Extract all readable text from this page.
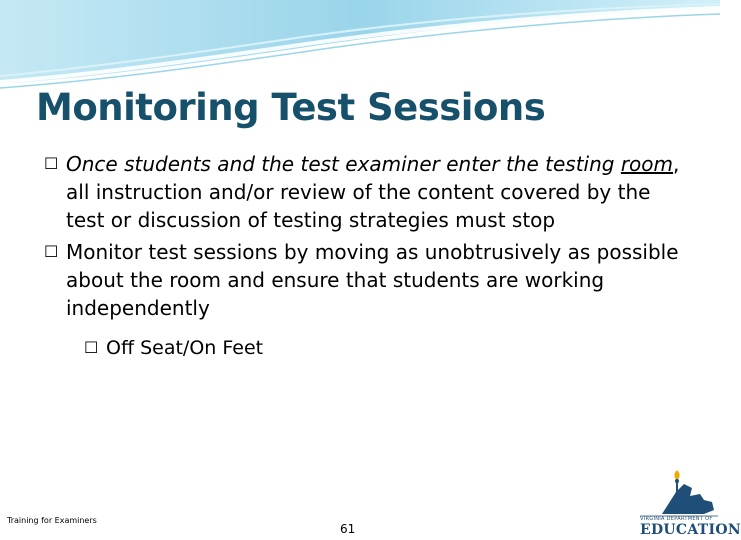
Monitoring Test Sessions

☐ Once students and the test examiner enter the testing room, all instruction and/or review of the content covered by the test or discussion of testing strategies must stop

☐ Monitor test sessions by moving as unobtrusively as possible about the room and ensure that students are working independently

☐ Off Seat/On Feet

Training for Examiners
61
VIRGINIA DEPARTMENT OF
EDUCATION
